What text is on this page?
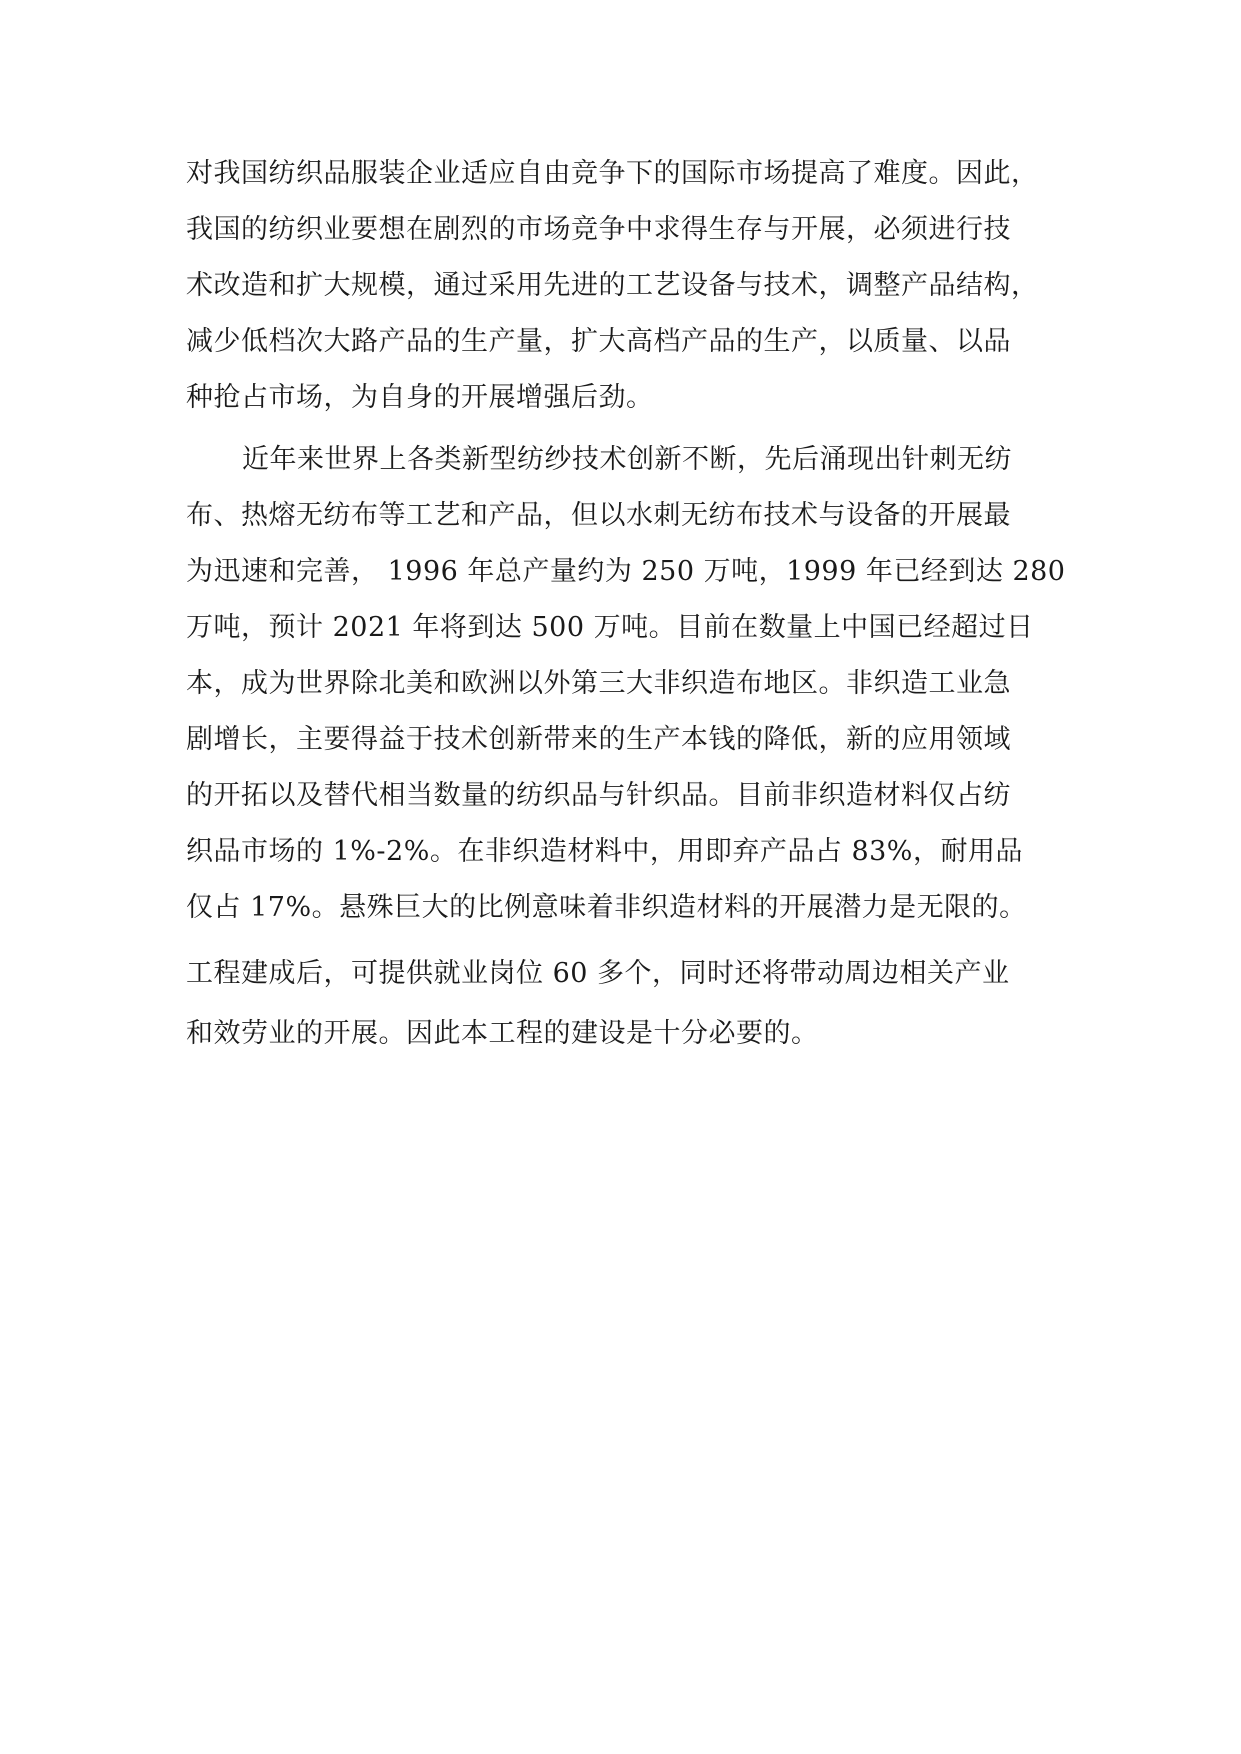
对我国纺织品服装企业适应自由竞争下的国际市场提高了难度。因此，
我国的纺织业要想在剧烈的市场竞争中求得生存与开展，必须进行技
术改造和扩大规模，通过采用先进的工艺设备与技术，调整产品结构，
减少低档次大路产品的生产量，扩大高档产品的生产，以质量、以品
种抢占市场，为自身的开展增强后劲。
近年来世界上各类新型纺纱技术创新不断，先后涌现出针刺无纺
布、热熔无纺布等工艺和产品，但以水刺无纺布技术与设备的开展最
为迅速和完善， 1996 年总产量约为 250 万吨，1999 年已经到达 280
万吨，预计 2021 年将到达 500 万吨。目前在数量上中国已经超过日
本，成为世界除北美和欧洲以外第三大非织造布地区。非织造工业急
剧增长，主要得益于技术创新带来的生产本钱的降低，新的应用领域
的开拓以及替代相当数量的纺织品与针织品。目前非织造材料仅占纺
织品市场的 1%-2%。在非织造材料中，用即弃产品占 83%，耐用品
仅占 17%。悬殊巨大的比例意味着非织造材料的开展潜力是无限的。
工程建成后，可提供就业岗位 60 多个，同时还将带动周边相关产业
和效劳业的开展。因此本工程的建设是十分必要的。
